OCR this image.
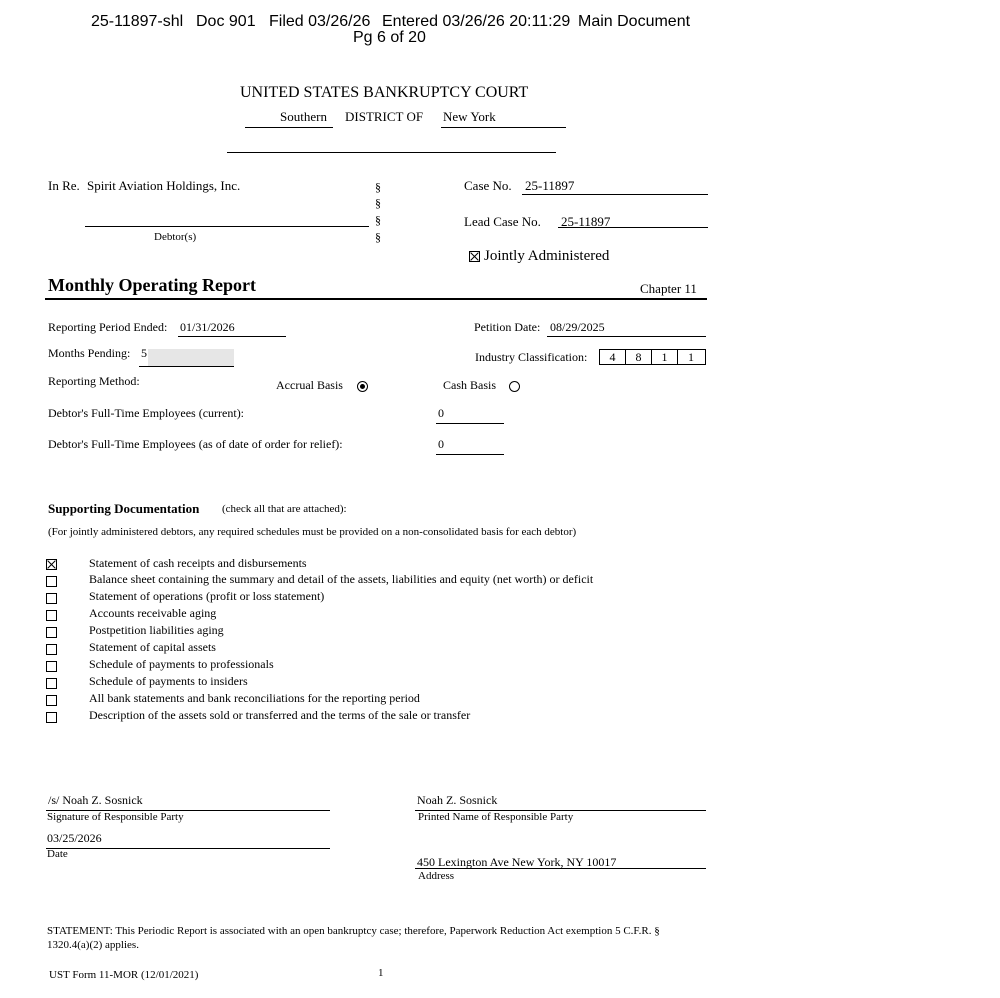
25-11897-shl Doc 901 Filed 03/26/26 Entered 03/26/26 20:11:29 Main Document
Pg 6 of 20
UNITED STATES BANKRUPTCY COURT
Southern DISTRICT OF New York
In Re. Spirit Aviation Holdings, Inc.
Debtor(s)
§
§
§
§
Case No. 25-11897
Lead Case No. 25-11897
Jointly Administered
Monthly Operating Report	Chapter 11
Reporting Period Ended: 01/31/2026	Petition Date: 08/29/2025
Months Pending: 5	Industry Classification:	4	8	1	1
Reporting Method:	Accrual Basis	Cash Basis
Debtor's Full-Time Employees (current):	0
Debtor's Full-Time Employees (as of date of order for relief):	0
Supporting Documentation (check all that are attached):
(For jointly administered debtors, any required schedules must be provided on a non-consolidated basis for each debtor)
Statement of cash receipts and disbursements
Balance sheet containing the summary and detail of the assets, liabilities and equity (net worth) or deficit
Statement of operations (profit or loss statement)
Accounts receivable aging
Postpetition liabilities aging
Statement of capital assets
Schedule of payments to professionals
Schedule of payments to insiders
All bank statements and bank reconciliations for the reporting period
Description of the assets sold or transferred and the terms of the sale or transfer
/s/ Noah Z. Sosnick
Signature of Responsible Party
03/25/2026
Date
Noah Z. Sosnick
Printed Name of Responsible Party
450 Lexington Ave New York, NY 10017
Address
STATEMENT: This Periodic Report is associated with an open bankruptcy case; therefore, Paperwork Reduction Act exemption 5 C.F.R. §
1320.4(a)(2) applies.
UST Form 11-MOR (12/01/2021)	1
